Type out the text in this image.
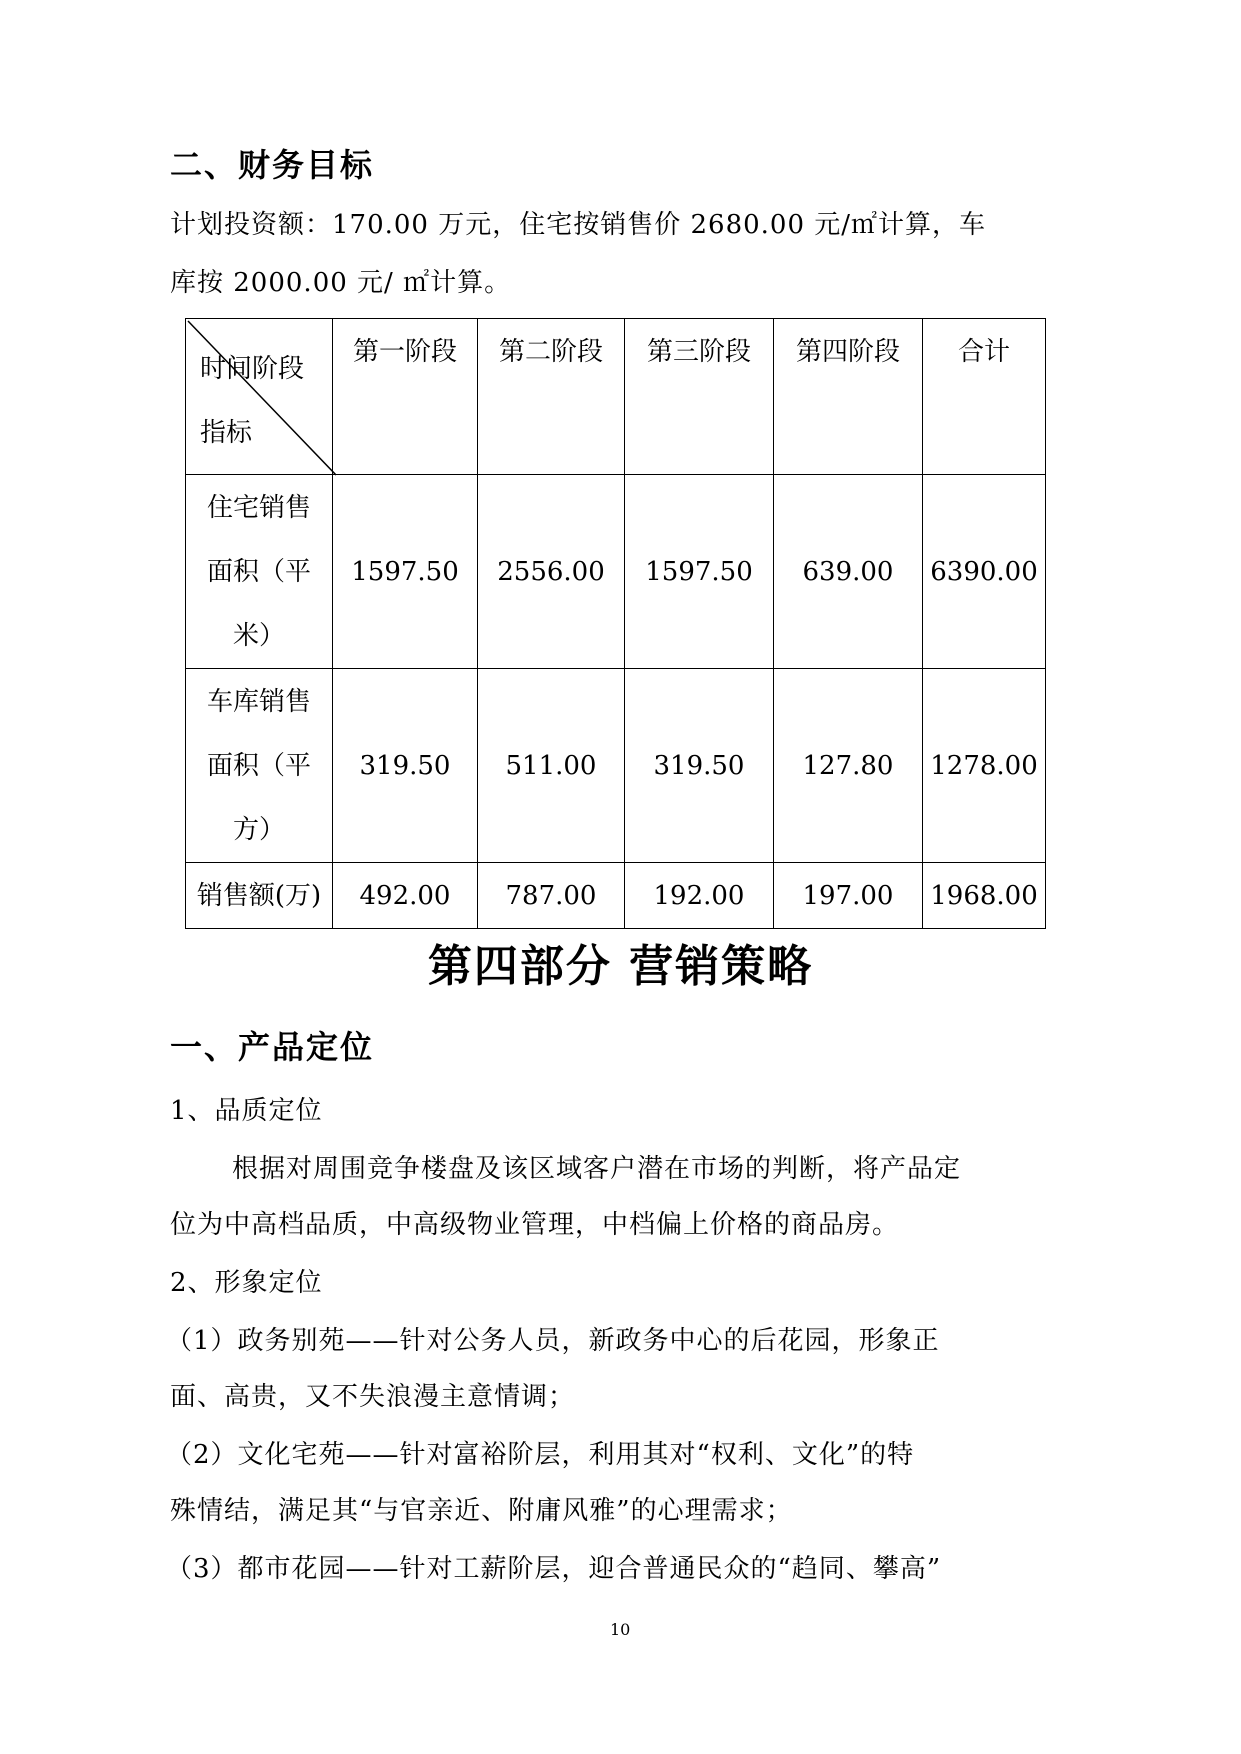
二、财务目标
计划投资额：170.00 万元，住宅按销售价 2680.00 元/㎡计算，车
库按 2000.00 元/ ㎡计算。
时间阶段
指标	第一阶段	第二阶段	第三阶段	第四阶段	合计

住宅销售
面积（平
米）	1597.50	2556.00	1597.50	639.00	6390.00

车库销售
面积（平
方）	319.50	511.00	319.50	127.80	1278.00
销售额(万)	492.00	787.00	192.00	197.00	1968.00
第四部分 营销策略
一、产品定位
1、品质定位
根据对周围竞争楼盘及该区域客户潜在市场的判断，将产品定
位为中高档品质，中高级物业管理，中档偏上价格的商品房。
2、形象定位
（1）政务别苑——针对公务人员，新政务中心的后花园，形象正
面、高贵，又不失浪漫主意情调；
（2）文化宅苑——针对富裕阶层，利用其对“权利、文化”的特
殊情结，满足其“与官亲近、附庸风雅”的心理需求；
（3）都市花园——针对工薪阶层，迎合普通民众的“趋同、攀高”
10
